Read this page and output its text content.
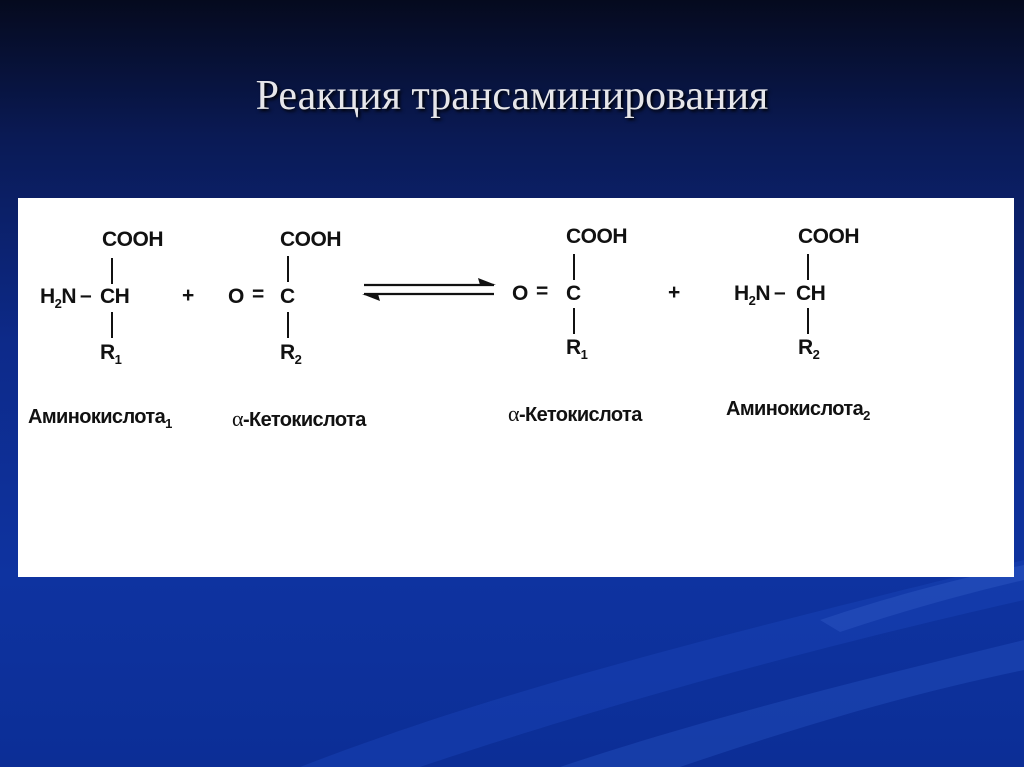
Реакция трансаминирования
COOH
$H_2N$ – CH
$R_1$
Аминокислота$_1$
+
COOH
O = C
$R_2$
α-Кетокислота
COOH
O = C
$R_1$
α-Кетокислота
+
COOH
$H_2N$ – CH
$R_2$
Аминокислота$_2$
